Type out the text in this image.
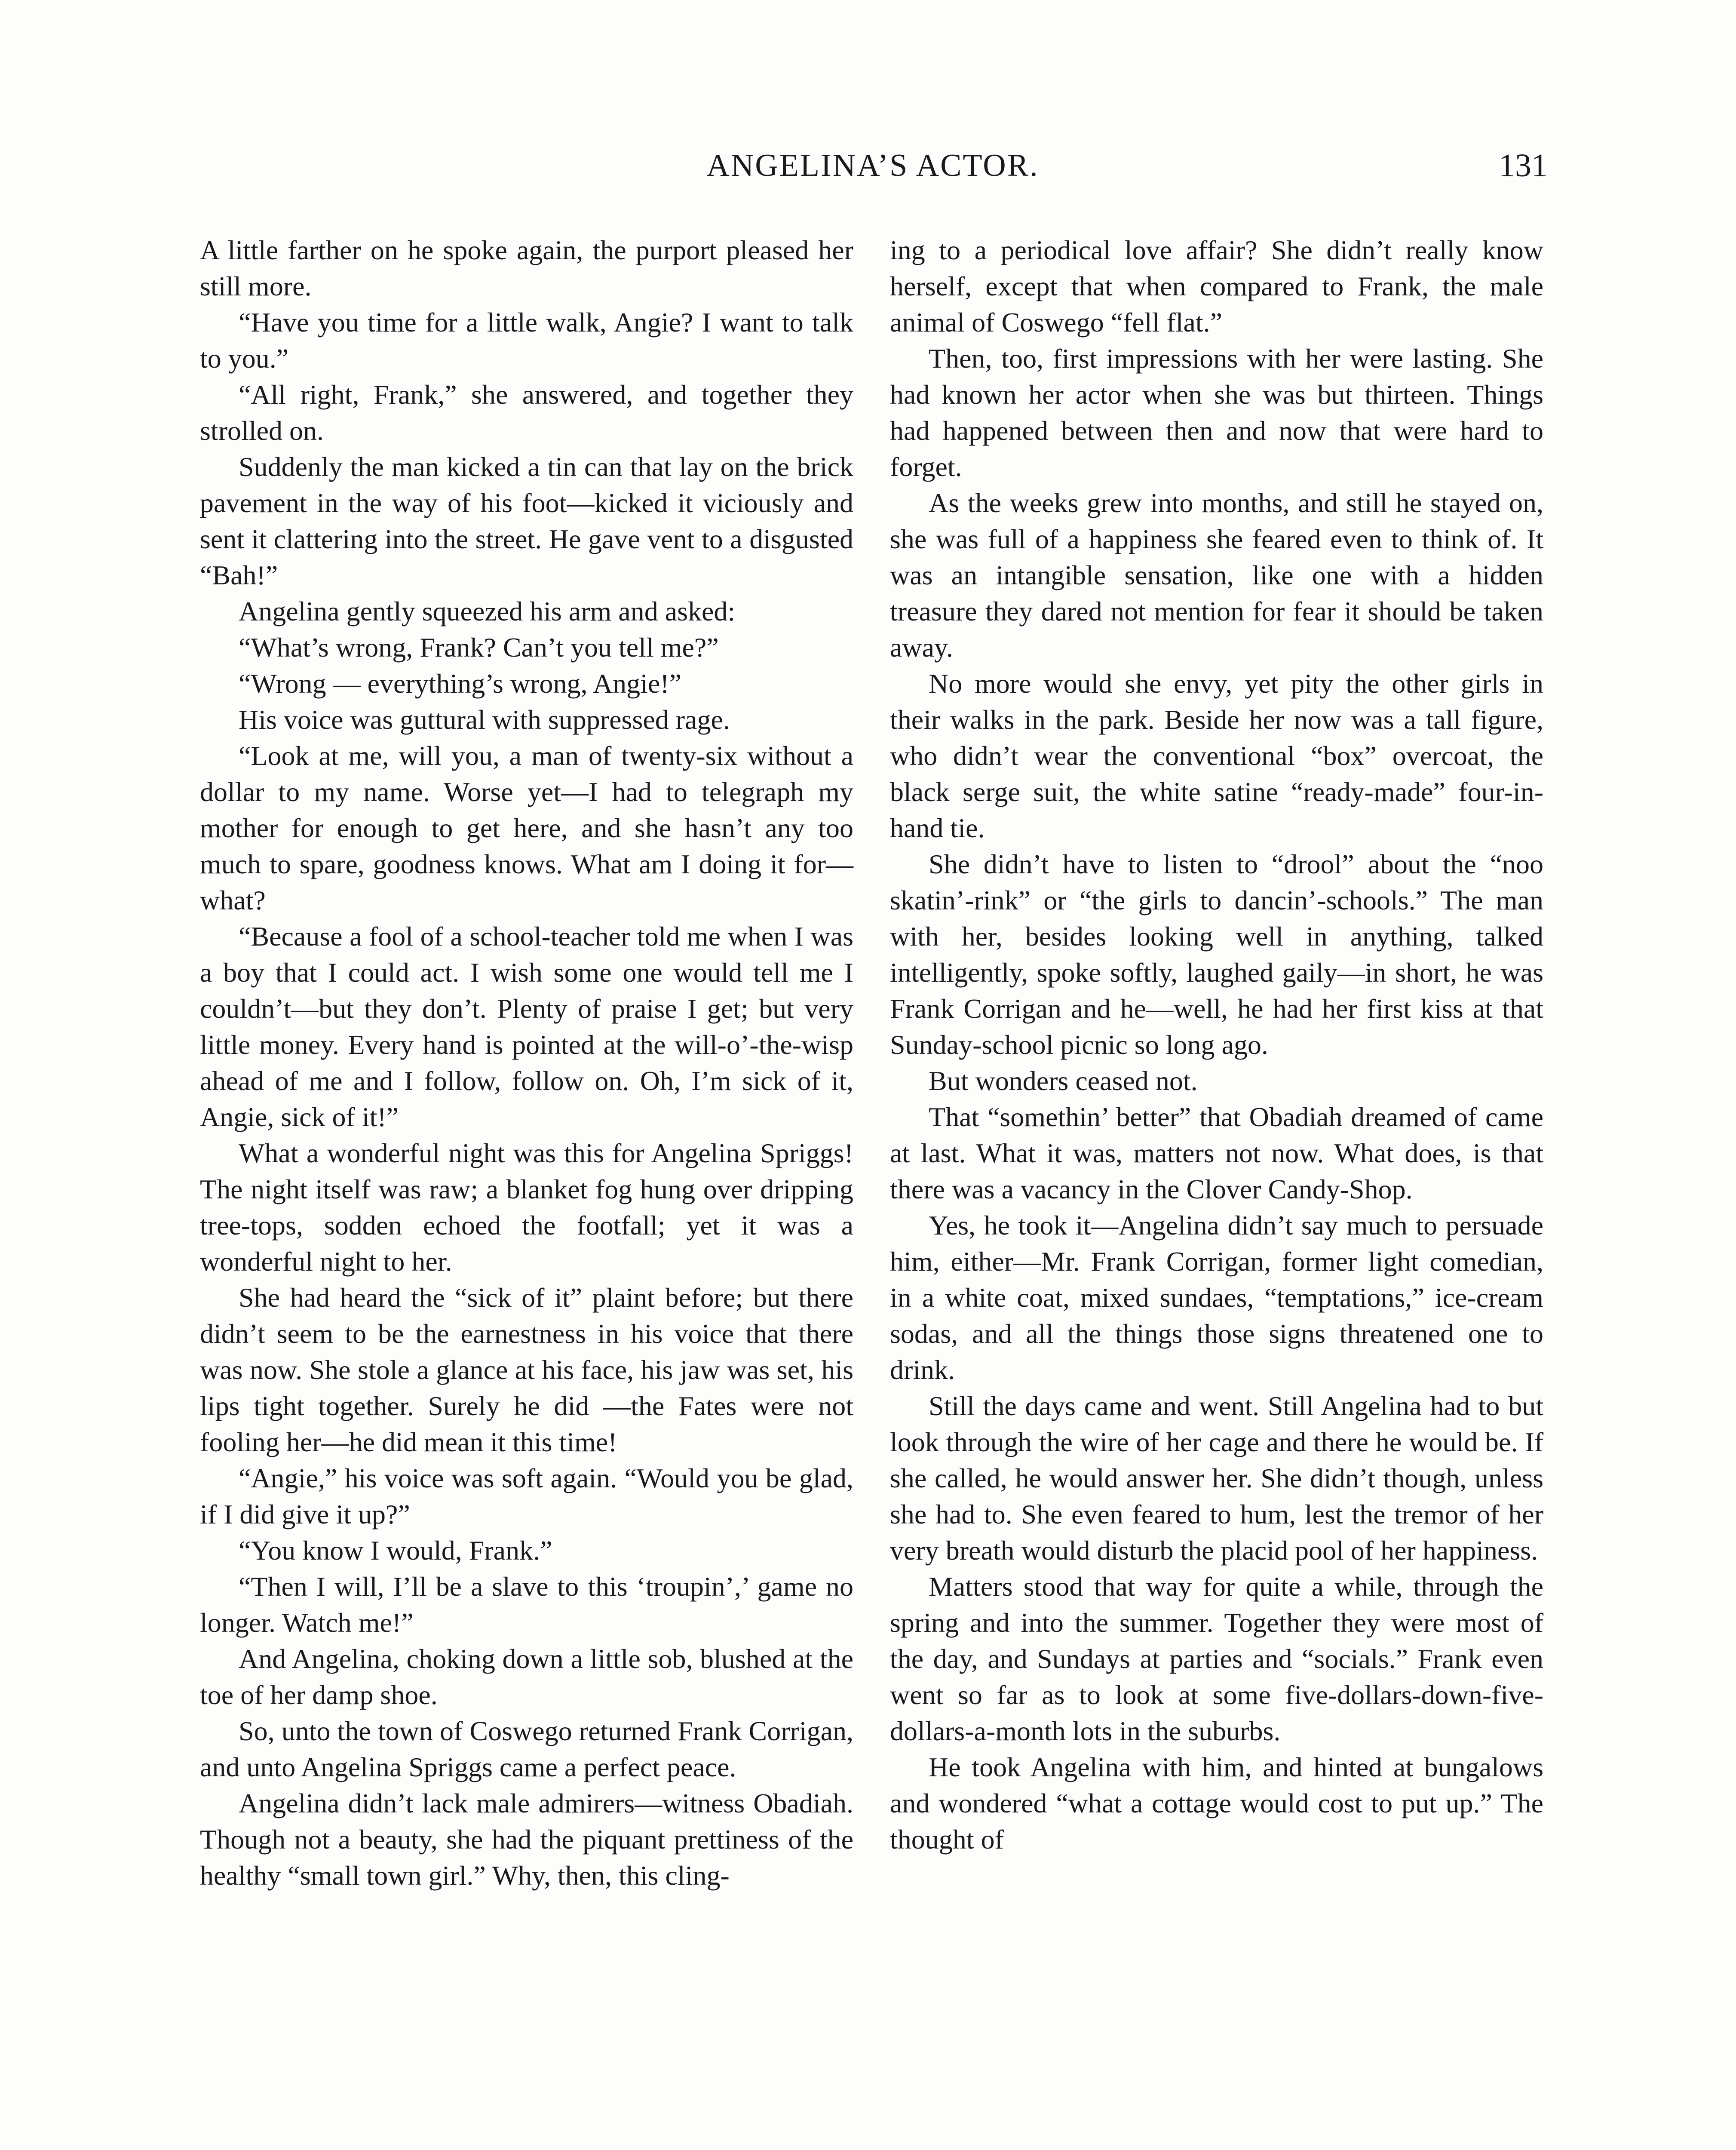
ANGELINA’S ACTOR.	131

A little farther on he spoke again, the purport pleased her still more.

“Have you time for a little walk, Angie? I want to talk to you.”

“All right, Frank,” she answered, and together they strolled on.

Suddenly the man kicked a tin can that lay on the brick pavement in the way of his foot—kicked it viciously and sent it clattering into the street. He gave vent to a disgusted “Bah!”

Angelina gently squeezed his arm and asked:

“What’s wrong, Frank? Can’t you tell me?”

“Wrong — everything’s wrong, Angie!”

His voice was guttural with suppressed rage.

“Look at me, will you, a man of twenty-six without a dollar to my name. Worse yet—I had to telegraph my mother for enough to get here, and she hasn’t any too much to spare, goodness knows. What am I doing it for—what?

“Because a fool of a school-teacher told me when I was a boy that I could act. I wish some one would tell me I couldn’t—but they don’t. Plenty of praise I get; but very little money. Every hand is pointed at the will-o’-the-wisp ahead of me and I follow, follow on. Oh, I’m sick of it, Angie, sick of it!”

What a wonderful night was this for Angelina Spriggs! The night itself was raw; a blanket fog hung over dripping tree-tops, sodden echoed the footfall; yet it was a wonderful night to her.

She had heard the “sick of it” plaint before; but there didn’t seem to be the earnestness in his voice that there was now. She stole a glance at his face, his jaw was set, his lips tight together. Surely he did —the Fates were not fooling her—he did mean it this time!

“Angie,” his voice was soft again. “Would you be glad, if I did give it up?”

“You know I would, Frank.”

“Then I will, I’ll be a slave to this ‘troupin’,’ game no longer. Watch me!”

And Angelina, choking down a little sob, blushed at the toe of her damp shoe.

So, unto the town of Coswego returned Frank Corrigan, and unto Angelina Spriggs came a perfect peace.

Angelina didn’t lack male admirers—witness Obadiah. Though not a beauty, she had the piquant prettiness of the healthy “small town girl.” Why, then, this cling-

ing to a periodical love affair? She didn’t really know herself, except that when compared to Frank, the male animal of Coswego “fell flat.”

Then, too, first impressions with her were lasting. She had known her actor when she was but thirteen. Things had happened between then and now that were hard to forget.

As the weeks grew into months, and still he stayed on, she was full of a happiness she feared even to think of. It was an intangible sensation, like one with a hidden treasure they dared not mention for fear it should be taken away.

No more would she envy, yet pity the other girls in their walks in the park. Beside her now was a tall figure, who didn’t wear the conventional “box” overcoat, the black serge suit, the white satine “ready-made” four-in-hand tie.

She didn’t have to listen to “drool” about the “noo skatin’-rink” or “the girls to dancin’-schools.” The man with her, besides looking well in anything, talked intelligently, spoke softly, laughed gaily—in short, he was Frank Corrigan and he—well, he had her first kiss at that Sunday-school picnic so long ago.

But wonders ceased not.

That “somethin’ better” that Obadiah dreamed of came at last. What it was, matters not now. What does, is that there was a vacancy in the Clover Candy-Shop.

Yes, he took it—Angelina didn’t say much to persuade him, either—Mr. Frank Corrigan, former light comedian, in a white coat, mixed sundaes, “temptations,” ice-cream sodas, and all the things those signs threatened one to drink.

Still the days came and went. Still Angelina had to but look through the wire of her cage and there he would be. If she called, he would answer her. She didn’t though, unless she had to. She even feared to hum, lest the tremor of her very breath would disturb the placid pool of her happiness.

Matters stood that way for quite a while, through the spring and into the summer. Together they were most of the day, and Sundays at parties and “socials.” Frank even went so far as to look at some five-dollars-down-five-dollars-a-month lots in the suburbs.

He took Angelina with him, and hinted at bungalows and wondered “what a cottage would cost to put up.” The thought of
